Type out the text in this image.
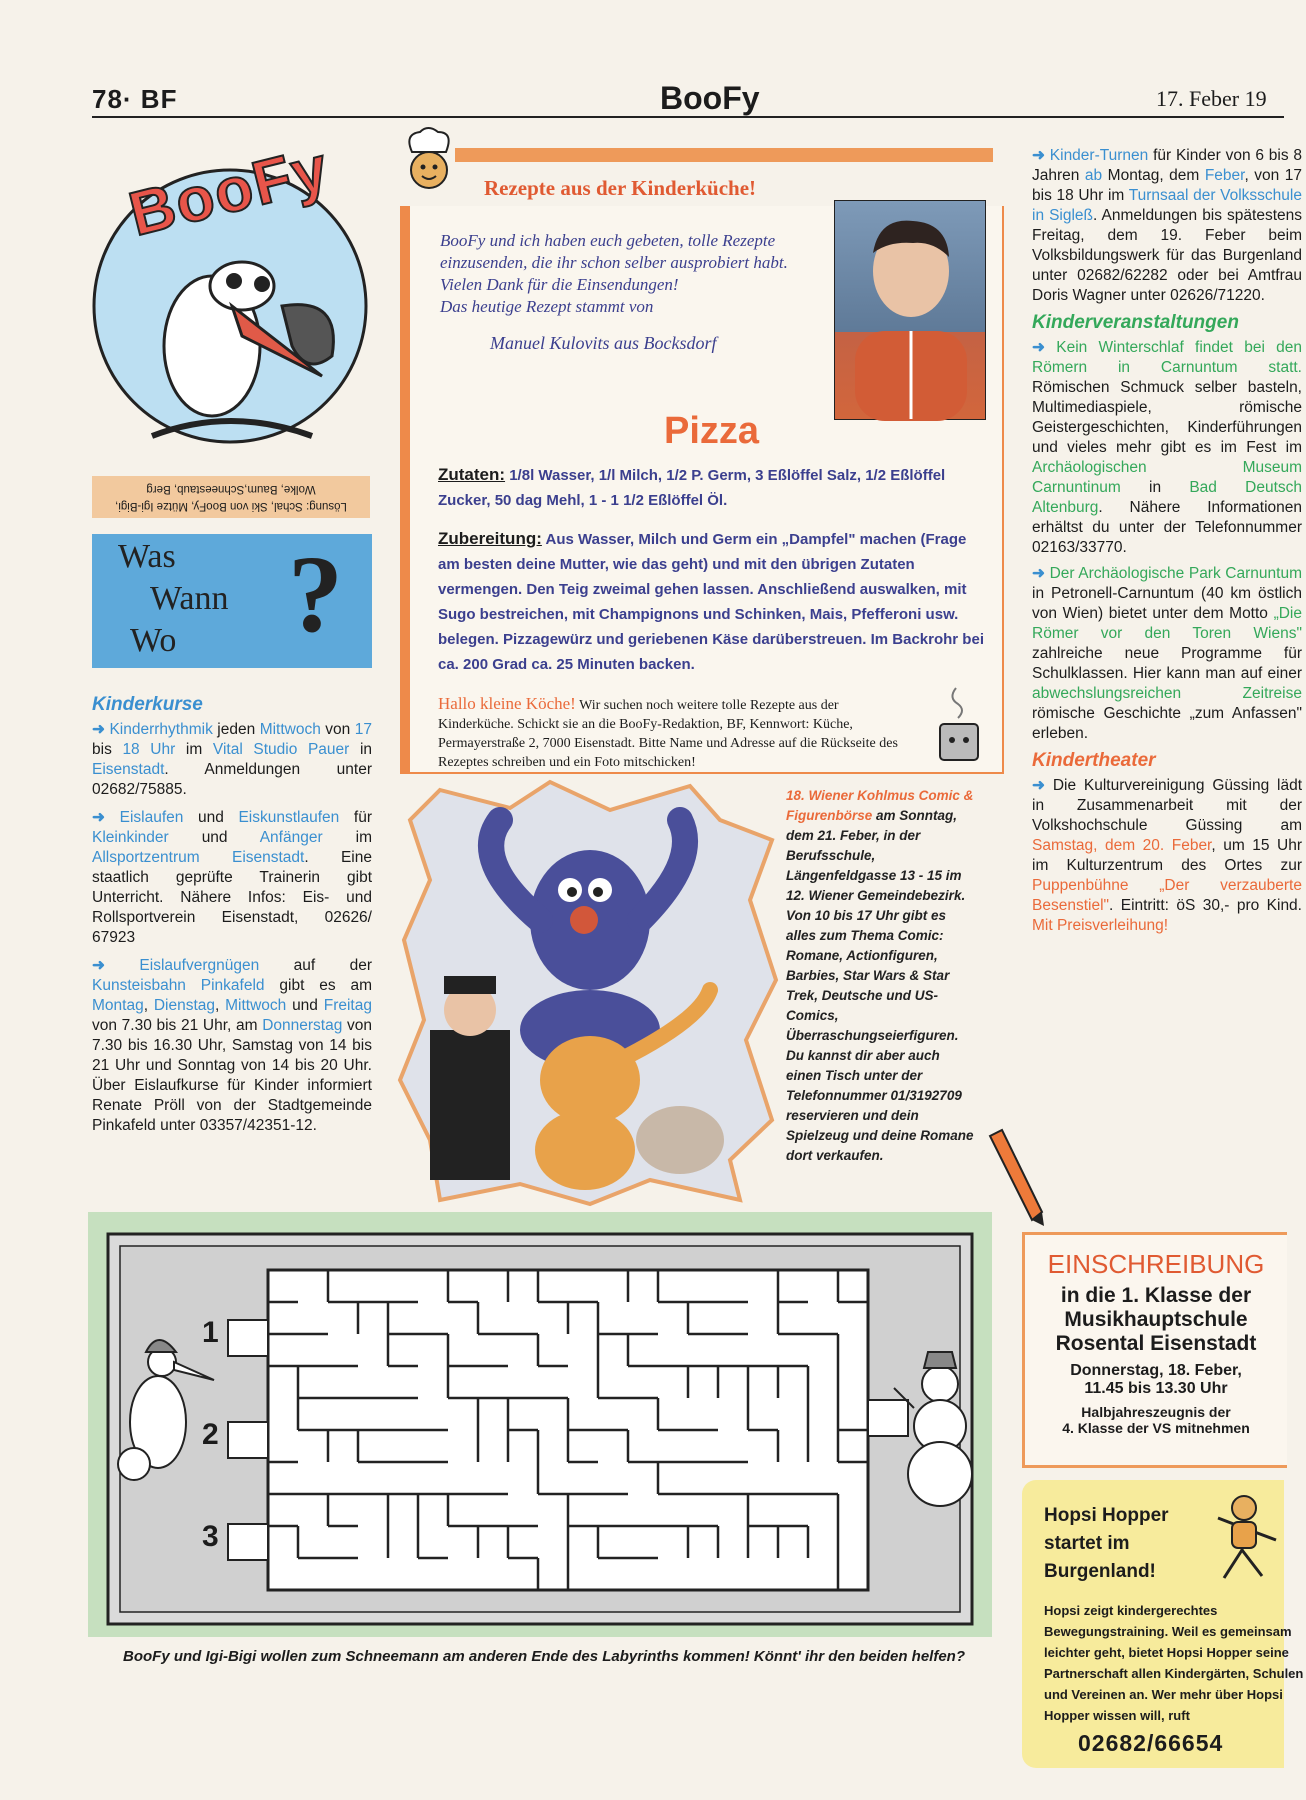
78· BF	BooFy	17. Feber 19
BooFy
Lösung: Schal, Ski von BooFy, Mütze Igi-Bigi,
Wolke, Baum,Schneestaub, Berg
Was
Wann
Wo ?
Kinderkurse

➜ Kinderrhythmik jeden Mittwoch von 17 bis 18 Uhr im Vital Studio Pauer in Eisenstadt. Anmeldungen unter 02682/75885.

➜ Eislaufen und Eiskunstlaufen für Kleinkinder und Anfänger im Allsportzentrum Eisenstadt. Eine staatlich geprüfte Trainerin gibt Unterricht. Nähere Infos: Eis- und Rollsportverein Eisenstadt, 02626/ 67923

➜ Eislaufvergnügen auf der Kunsteisbahn Pinkafeld gibt es am Montag, Dienstag, Mittwoch und Freitag von 7.30 bis 21 Uhr, am Donnerstag von 7.30 bis 16.30 Uhr, Samstag von 14 bis 21 Uhr und Sonntag von 14 bis 20 Uhr. Über Eislaufkurse für Kinder informiert Renate Pröll von der Stadtgemeinde Pinkafeld unter 03357/42351-12.

Rezepte aus der Kinderküche!
BooFy und ich haben euch gebeten, tolle Rezepte einzusenden, die ihr schon selber ausprobiert habt. Vielen Dank für die Einsendungen!
Das heutige Rezept stammt von
Manuel Kulovits aus Bocksdorf
Pizza
Zutaten: 1/8l Wasser, 1/l Milch, 1/2 P. Germ, 3 Eßlöffel Salz, 1/2 Eßlöffel Zucker, 50 dag Mehl, 1 - 1 1/2 Eßlöffel Öl.
Zubereitung: Aus Wasser, Milch und Germ ein „Dampfel" machen (Frage am besten deine Mutter, wie das geht) und mit den übrigen Zutaten vermengen. Den Teig zweimal gehen lassen. Anschließend auswalken, mit Sugo bestreichen, mit Champignons und Schinken, Mais, Pfefferoni usw. belegen. Pizzagewürz und geriebenen Käse darüberstreuen. Im Backrohr bei ca. 200 Grad ca. 25 Minuten backen.
Hallo kleine Köche! Wir suchen noch weitere tolle Rezepte aus der Kinderküche. Schickt sie an die BooFy-Redaktion, BF, Kennwort: Küche, Permayerstraße 2, 7000 Eisenstadt. Bitte Name und Adresse auf die Rückseite des Rezeptes schreiben und ein Foto mitschicken!
18. Wiener Kohlmus Comic & Figurenbörse am Sonntag, dem 21. Feber, in der Berufsschule, Längenfeldgasse 13 - 15 im 12. Wiener Gemeindebezirk. Von 10 bis 17 Uhr gibt es alles zum Thema Comic: Romane, Actionfiguren, Barbies, Star Wars & Star Trek, Deutsche und US-Comics, Überraschungseierfiguren. Du kannst dir aber auch einen Tisch unter der Telefonnummer 01/3192709 reservieren und dein Spielzeug und deine Romane dort verkaufen.

➜ Kinder-Turnen für Kinder von 6 bis 8 Jahren ab Montag, dem Feber, von 17 bis 18 Uhr im Turnsaal der Volksschule in Sigleß. Anmeldungen bis spätestens Freitag, dem 19. Feber beim Volksbildungswerk für das Burgenland unter 02682/62282 oder bei Amtfrau Doris Wagner unter 02626/71220.

Kinderveranstaltungen

➜ Kein Winterschlaf findet bei den Römern in Carnuntum statt. Römischen Schmuck selber basteln, Multimediaspiele, römische Geistergeschichten, Kinderführungen und vieles mehr gibt es im Fest im Archäologischen Museum Carnuntinum in Bad Deutsch Altenburg. Nähere Informationen erhältst du unter der Telefonnummer 02163/33770.

➜ Der Archäologische Park Carnuntum in Petronell-Carnuntum (40 km östlich von Wien) bietet unter dem Motto „Die Römer vor den Toren Wiens" zahlreiche neue Programme für Schulklassen. Hier kann man auf einer abwechslungsreichen Zeitreise römische Geschichte „zum Anfassen" erleben.

Kindertheater

➜ Die Kulturvereinigung Güssing lädt in Zusammenarbeit mit der Volkshochschule Güssing am Samstag, dem 20. Feber, um 15 Uhr im Kulturzentrum des Ortes zur Puppenbühne „Der verzauberte Besenstiel". Eintritt: öS 30,- pro Kind. Mit Preisverleihung!

EINSCHREIBUNG
in die 1. Klasse der
Musikhauptschule
Rosental Eisenstadt
Donnerstag, 18. Feber,
11.45 bis 13.30 Uhr
Halbjahreszeugnis der
4. Klasse der VS mitnehmen
Hopsi Hopper
startet im
Burgenland!
Hopsi zeigt kindergerechtes Bewegungstraining. Weil es gemeinsam leichter geht, bietet Hopsi Hopper seine Partnerschaft allen Kindergärten, Schulen und Vereinen an. Wer mehr über Hopsi Hopper wissen will, ruft
02682/66654
1
2
3
BooFy und Igi-Bigi wollen zum Schneemann am anderen Ende des Labyrinths kommen! Könnt' ihr den beiden helfen?
